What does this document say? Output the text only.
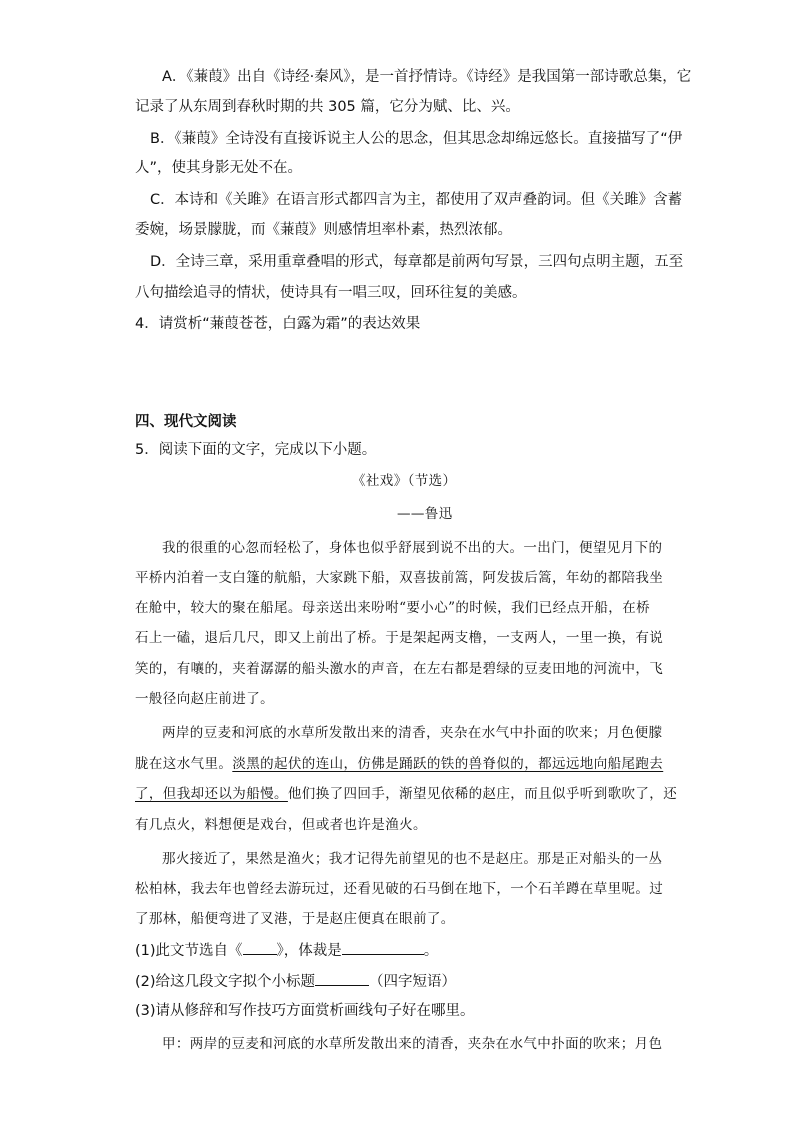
A．《蒹葭》出自《诗经·秦风》，是一首抒情诗。《诗经》是我国第一部诗歌总集，它
记录了从东周到春秋时期的共 305 篇，它分为赋、比、兴。
B．《蒹葭》全诗没有直接诉说主人公的思念，但其思念却绵远悠长。直接描写了“伊
人”，使其身影无处不在。
C．本诗和《关雎》在语言形式都四言为主，都使用了双声叠韵词。但《关雎》含蓄
委婉，场景朦胧，而《蒹葭》则感情坦率朴素，热烈浓郁。
D．全诗三章，采用重章叠唱的形式，每章都是前两句写景，三四句点明主题，五至
八句描绘追寻的情状，使诗具有一唱三叹，回环往复的美感。
4．请赏析“蒹葭苍苍，白露为霜”的表达效果
四、现代文阅读
5．阅读下面的文字，完成以下小题。
《社戏》（节选）
——鲁迅
我的很重的心忽而轻松了，身体也似乎舒展到说不出的大。一出门，便望见月下的
平桥内泊着一支白篷的航船，大家跳下船，双喜拔前篙，阿发拔后篙，年幼的都陪我坐
在舱中，较大的聚在船尾。母亲送出来吩咐“要小心”的时候，我们已经点开船，在桥
石上一磕，退后几尺，即又上前出了桥。于是架起两支橹，一支两人，一里一换，有说
笑的，有嚷的，夹着潺潺的船头激水的声音，在左右都是碧绿的豆麦田地的河流中，飞
一般径向赵庄前进了。
两岸的豆麦和河底的水草所发散出来的清香，夹杂在水气中扑面的吹来；月色便朦
胧在这水气里。淡黑的起伏的连山，仿佛是踊跃的铁的兽脊似的，都远远地向船尾跑去
了，但我却还以为船慢。他们换了四回手，渐望见依稀的赵庄，而且似乎听到歌吹了，还
有几点火，料想便是戏台，但或者也许是渔火。
那火接近了，果然是渔火；我才记得先前望见的也不是赵庄。那是正对船头的一丛
松柏林，我去年也曾经去游玩过，还看见破的石马倒在地下，一个石羊蹲在草里呢。过
了那林，船便弯进了叉港，于是赵庄便真在眼前了。
(1)此文节选自《 》，体裁是	。
(2)给这几段文字拟个小标题	（四字短语）
(3)请从修辞和写作技巧方面赏析画线句子好在哪里。
甲：两岸的豆麦和河底的水草所发散出来的清香，夹杂在水气中扑面的吹来；月色
